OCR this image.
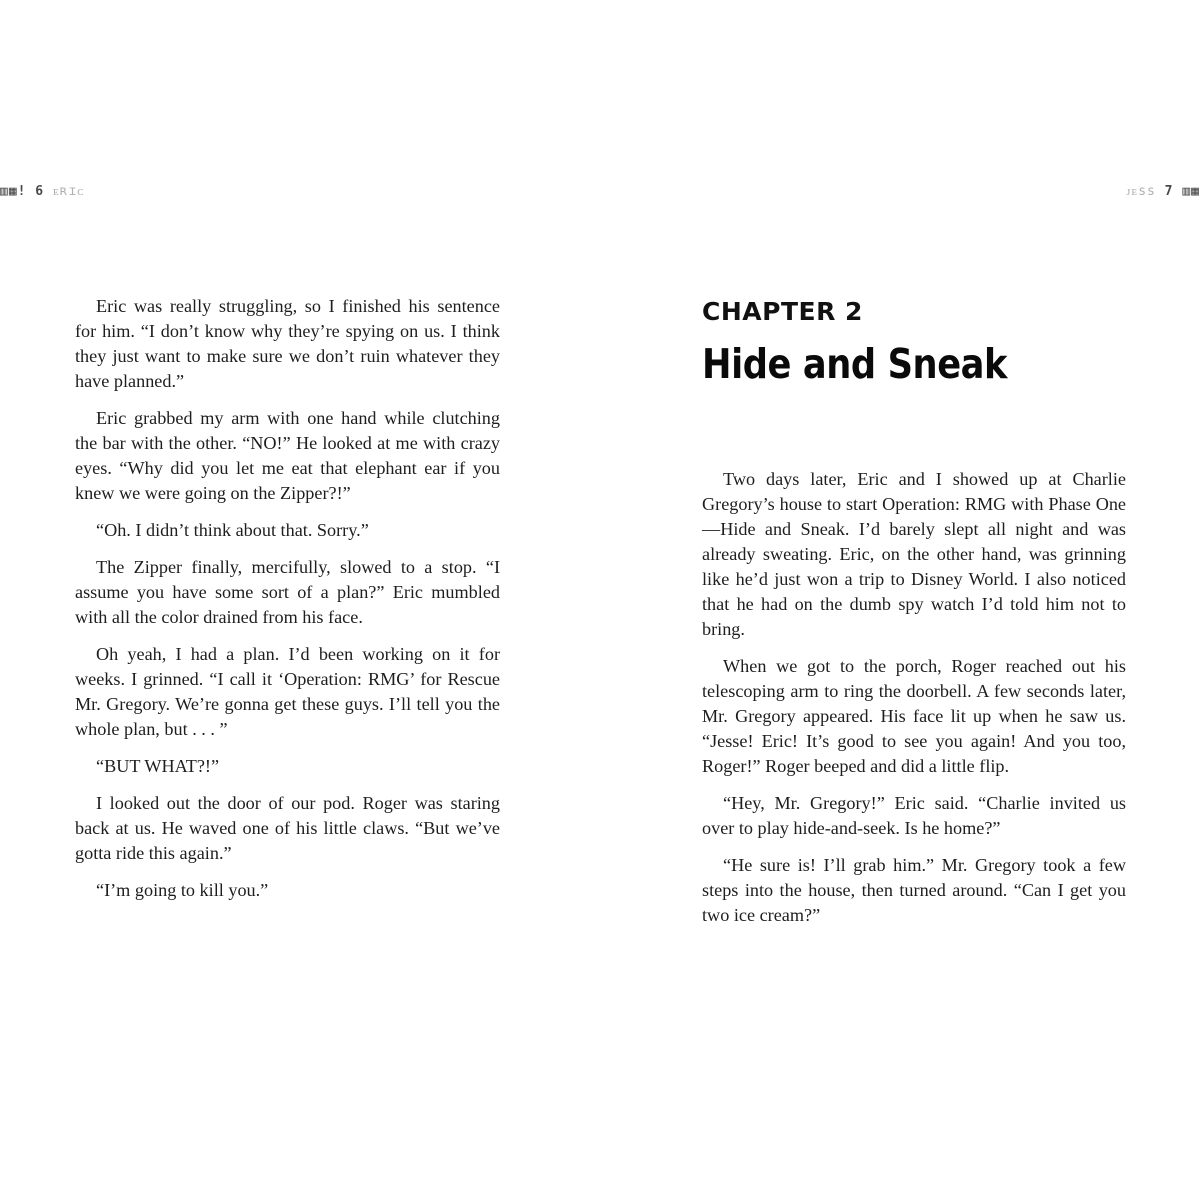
▥▦! 6 ᴇʀɪᴄ	ᴊᴇss 7 ▥▦

Eric was really struggling, so I finished his sentence for him. “I don’t know why they’re spying on us. I think they just want to make sure we don’t ruin whatever they have planned.”

Eric grabbed my arm with one hand while clutching the bar with the other. “NO!” He looked at me with crazy eyes. “Why did you let me eat that elephant ear if you knew we were going on the Zipper?!”

“Oh. I didn’t think about that. Sorry.”

The Zipper finally, mercifully, slowed to a stop. “I assume you have some sort of a plan?” Eric mumbled with all the color drained from his face.

Oh yeah, I had a plan. I’d been working on it for weeks. I grinned. “I call it ‘Operation: RMG’ for Rescue Mr. Gregory. We’re gonna get these guys. I’ll tell you the whole plan, but . . . ”

“BUT WHAT?!”

I looked out the door of our pod. Roger was staring back at us. He waved one of his little claws. “But we’ve gotta ride this again.”

“I’m going to kill you.”

CHAPTER 2
Hide and Sneak

Two days later, Eric and I showed up at Charlie Gregory’s house to start Operation: RMG with Phase One—Hide and Sneak. I’d barely slept all night and was already sweating. Eric, on the other hand, was grinning like he’d just won a trip to Disney World. I also noticed that he had on the dumb spy watch I’d told him not to bring.

When we got to the porch, Roger reached out his telescoping arm to ring the doorbell. A few seconds later, Mr. Gregory appeared. His face lit up when he saw us. “Jesse! Eric! It’s good to see you again! And you too, Roger!” Roger beeped and did a little flip.

“Hey, Mr. Gregory!” Eric said. “Charlie invited us over to play hide-and-seek. Is he home?”

“He sure is! I’ll grab him.” Mr. Gregory took a few steps into the house, then turned around. “Can I get you two ice cream?”
